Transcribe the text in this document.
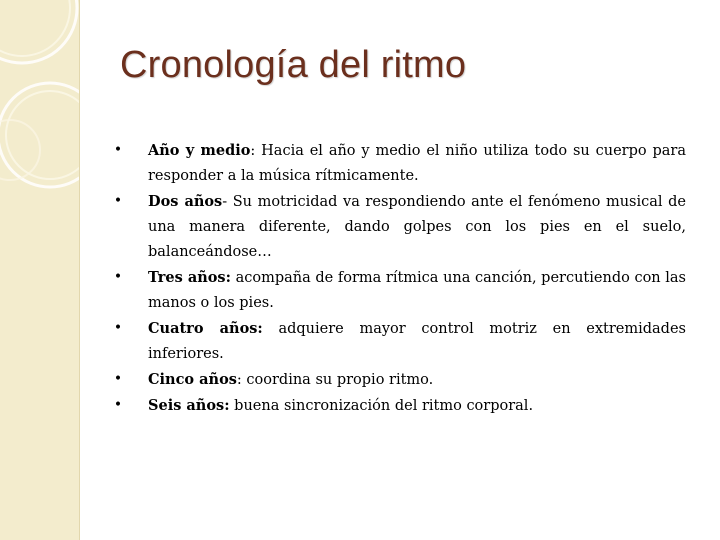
Cronología del ritmo
• Año y medio: Hacia el año y medio el niño utiliza todo su cuerpo para responder a la música rítmicamente.
• Dos años- Su motricidad va respondiendo ante el fenómeno musical de una manera diferente, dando golpes con los pies en el suelo, balanceándose…
• Tres años: acompaña de forma rítmica una canción, percutiendo con las manos o los pies.
• Cuatro años: adquiere mayor control motriz en extremidades inferiores.
• Cinco años: coordina su propio ritmo.
• Seis años: buena sincronización del ritmo corporal.
